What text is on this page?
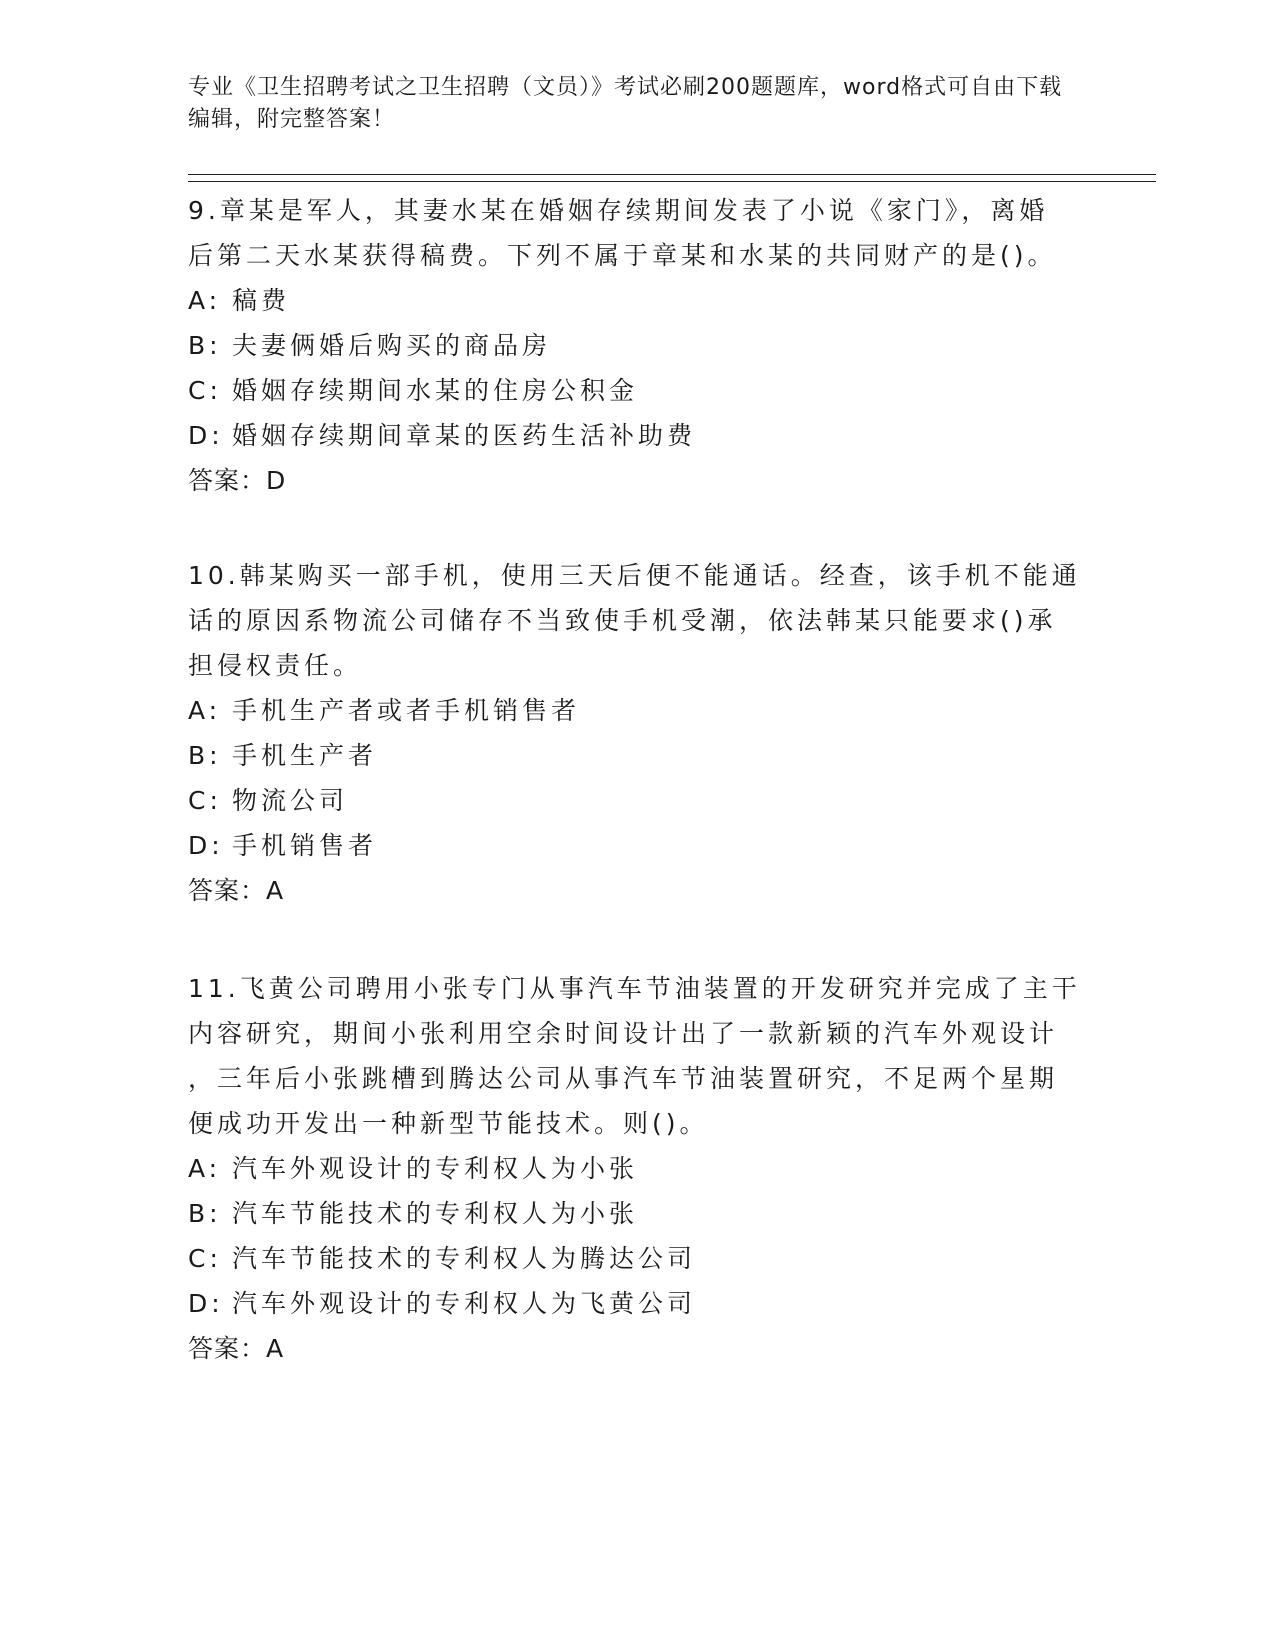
专业《卫生招聘考试之卫生招聘（文员）》考试必刷200题题库，word格式可自由下载编辑，附完整答案！

9.章某是军人，其妻水某在婚姻存续期间发表了小说《家门》，离婚

后第二天水某获得稿费。下列不属于章某和水某的共同财产的是()。

A: 稿费

B: 夫妻俩婚后购买的商品房

C: 婚姻存续期间水某的住房公积金

D: 婚姻存续期间章某的医药生活补助费

答案：D

10.韩某购买一部手机，使用三天后便不能通话。经查，该手机不能通

话的原因系物流公司储存不当致使手机受潮，依法韩某只能要求()承

担侵权责任。

A: 手机生产者或者手机销售者

B: 手机生产者

C: 物流公司

D: 手机销售者

答案：A

11.飞黄公司聘用小张专门从事汽车节油装置的开发研究并完成了主干

内容研究，期间小张利用空余时间设计出了一款新颖的汽车外观设计

，三年后小张跳槽到腾达公司从事汽车节油装置研究，不足两个星期

便成功开发出一种新型节能技术。则()。

A: 汽车外观设计的专利权人为小张

B: 汽车节能技术的专利权人为小张

C: 汽车节能技术的专利权人为腾达公司

D: 汽车外观设计的专利权人为飞黄公司

答案：A
